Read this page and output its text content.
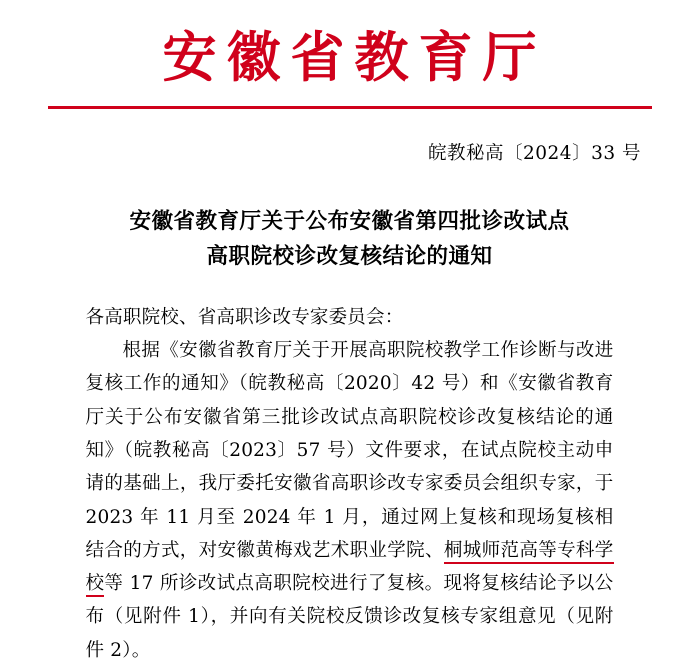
安徽省教育厅
皖教秘高〔2024〕33 号
安徽省教育厅关于公布安徽省第四批诊改试点
高职院校诊改复核结论的通知

各高职院校、省高职诊改专家委员会：

根据《安徽省教育厅关于开展高职院校教学工作诊断与改进复核工作的通知》（皖教秘高〔2020〕42 号）和《安徽省教育厅关于公布安徽省第三批诊改试点高职院校诊改复核结论的通知》（皖教秘高〔2023〕57 号）文件要求，在试点院校主动申请的基础上，我厅委托安徽省高职诊改专家委员会组织专家，于 2023 年 11 月至 2024 年 1 月，通过网上复核和现场复核相结合的方式，对安徽黄梅戏艺术职业学院、桐城师范高等专科学校等 17 所诊改试点高职院校进行了复核。现将复核结论予以公布（见附件 1），并向有关院校反馈诊改复核专家组意见（见附件 2）。
